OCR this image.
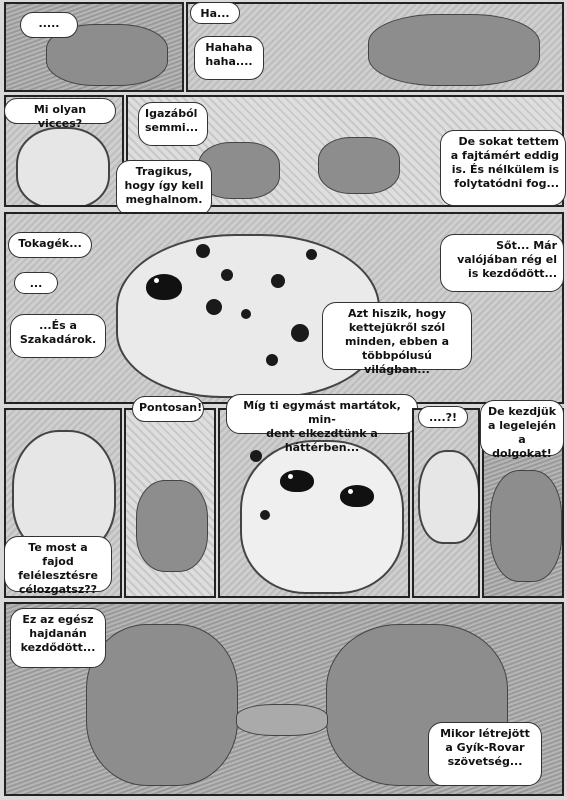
.....
Ha...
Hahaha
haha....
Mi olyan vicces?
Igazából
semmi...
Tragikus,
hogy így kell
meghalnom.
De sokat tettem
a fajtámért eddig
is. És nélkülem is
folytatódni fog...
Tokagék...
...
...És a
Szakadárok.
Azt hiszik, hogy
kettejükről szól
minden, ebben a
többpólusú világban...
Sőt... Már
valójában rég el
is kezdődött...
Te most a fajod
felélesztésre
célozgatsz??
Pontosan!	Míg ti egymást martátok, min-
dent elkezdtünk a háttérben...
....?!	De kezdjük
a legelején
a dolgokat!
Ez az egész
hajdanán
kezdődött...
Mikor létrejött
a Gyík-Rovar
szövetség...
